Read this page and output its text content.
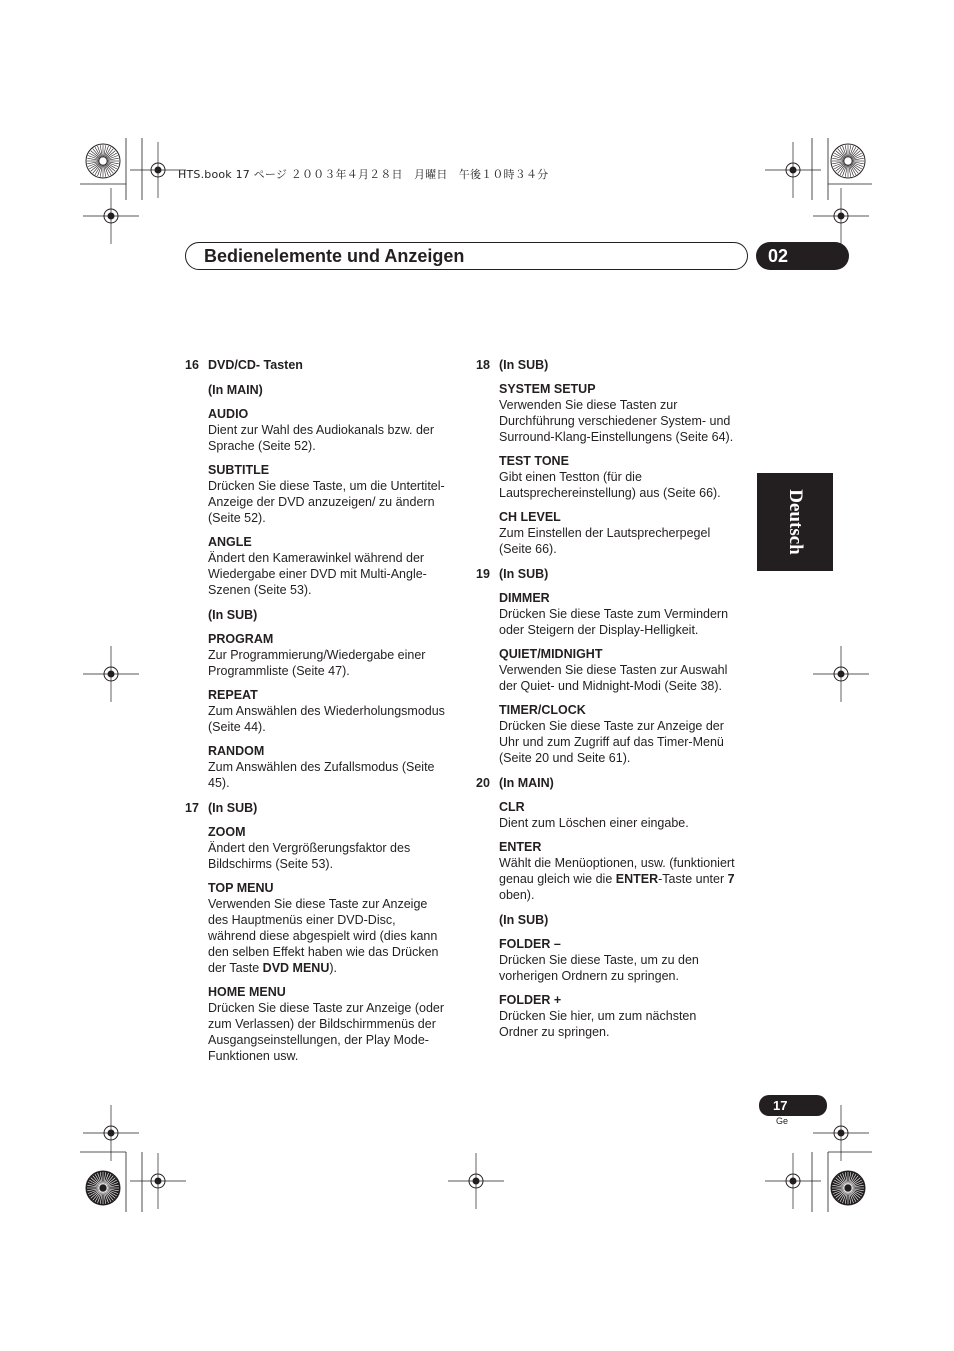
HTS.book 17 ページ ２００３年４月２８日　月曜日　午後１０時３４分
Bedienelemente und Anzeigen	02
Deutsch
16 DVD/CD- Tasten
(In MAIN)
AUDIO
Dient zur Wahl des Audiokanals bzw. der Sprache (Seite 52).
SUBTITLE
Drücken Sie diese Taste, um die Untertitel-Anzeige der DVD anzuzeigen/ zu ändern (Seite 52).
ANGLE
Ändert den Kamerawinkel während der Wiedergabe einer DVD mit Multi-Angle-Szenen (Seite 53).
(In SUB)
PROGRAM
Zur Programmierung/Wiedergabe einer Programmliste (Seite 47).
REPEAT
Zum Answählen des Wiederholungsmodus (Seite 44).
RANDOM
Zum Answählen des Zufallsmodus (Seite 45).
17 (In SUB)
ZOOM
Ändert den Vergrößerungsfaktor des Bildschirms (Seite 53).
TOP MENU
Verwenden Sie diese Taste zur Anzeige des Hauptmenüs einer DVD-Disc, während diese abgespielt wird (dies kann den selben Effekt haben wie das Drücken der Taste DVD MENU).
HOME MENU
Drücken Sie diese Taste zur Anzeige (oder zum Verlassen) der Bildschirmmenüs der Ausgangseinstellungen, der Play Mode-Funktionen usw.
18 (In SUB)
SYSTEM SETUP
Verwenden Sie diese Tasten zur Durchführung verschiedener System- und Surround-Klang-Einstellungens (Seite 64).
TEST TONE
Gibt einen Testton (für die Lautsprechereinstellung) aus (Seite 66).
CH LEVEL
Zum Einstellen der Lautsprecherpegel (Seite 66).
19 (In SUB)
DIMMER
Drücken Sie diese Taste zum Vermindern oder Steigern der Display-Helligkeit.
QUIET/MIDNIGHT
Verwenden Sie diese Tasten zur Auswahl der Quiet- und Midnight-Modi (Seite 38).
TIMER/CLOCK
Drücken Sie diese Taste zur Anzeige der Uhr und zum Zugriff auf das Timer-Menü (Seite 20 und Seite 61).
20 (In MAIN)
CLR
Dient zum Löschen einer eingabe.
ENTER
Wählt die Menüoptionen, usw. (funktioniert genau gleich wie die ENTER-Taste unter 7 oben).
(In SUB)
FOLDER –
Drücken Sie diese Taste, um zu den vorherigen Ordnern zu springen.
FOLDER +
Drücken Sie hier, um zum nächsten Ordner zu springen.
17
Ge
